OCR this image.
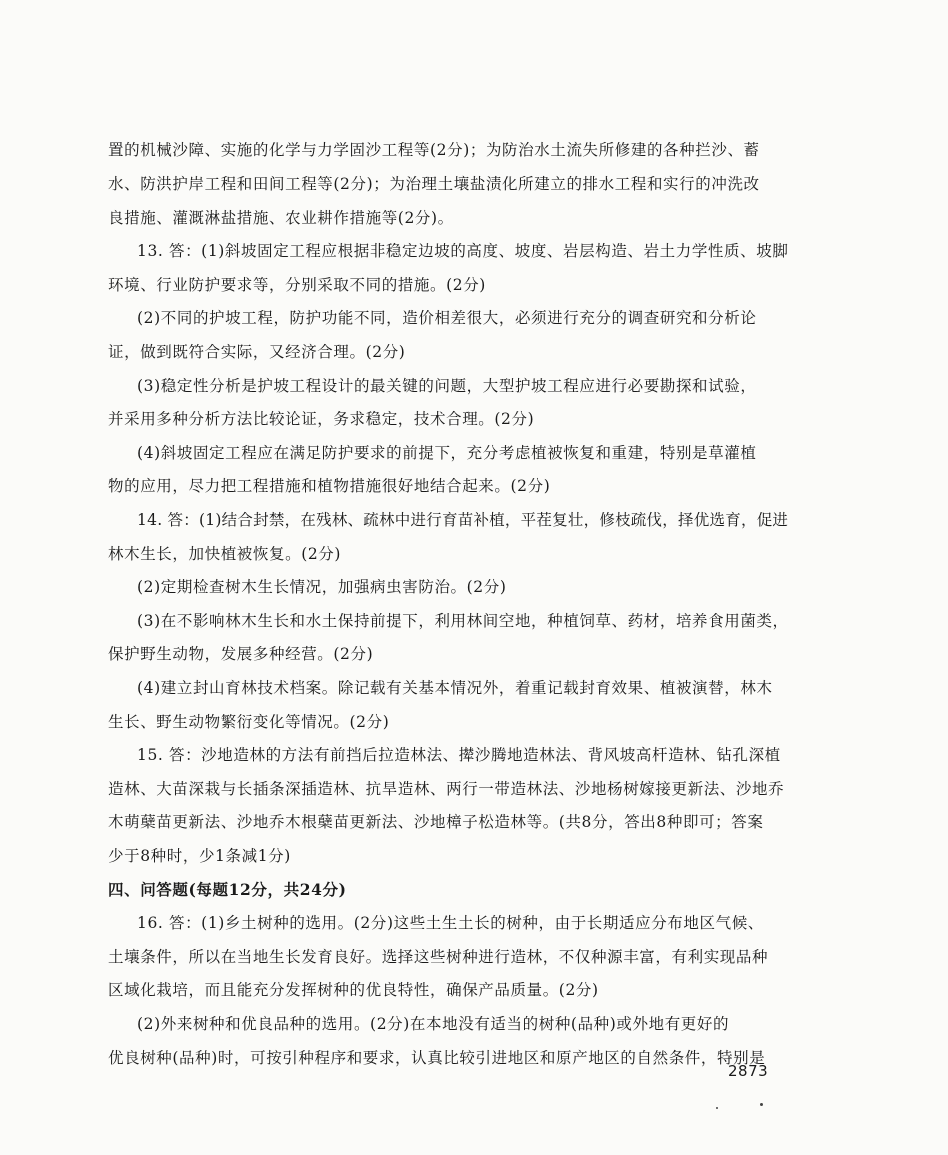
置的机械沙障、实施的化学与力学固沙工程等(2分)；为防治水土流失所修建的各种拦沙、蓄
水、防洪护岸工程和田间工程等(2分)；为治理土壤盐渍化所建立的排水工程和实行的冲洗改
良措施、灌溉淋盐措施、农业耕作措施等(2分)。
13. 答：(1)斜坡固定工程应根据非稳定边坡的高度、坡度、岩层构造、岩土力学性质、坡脚
环境、行业防护要求等，分别采取不同的措施。(2分)
(2)不同的护坡工程，防护功能不同，造价相差很大，必须进行充分的调查研究和分析论
证，做到既符合实际，又经济合理。(2分)
(3)稳定性分析是护坡工程设计的最关键的问题，大型护坡工程应进行必要勘探和试验，
并采用多种分析方法比较论证，务求稳定，技术合理。(2分)
(4)斜坡固定工程应在满足防护要求的前提下，充分考虑植被恢复和重建，特别是草灌植
物的应用，尽力把工程措施和植物措施很好地结合起来。(2分)
14. 答：(1)结合封禁，在残林、疏林中进行育苗补植，平茬复壮，修枝疏伐，择优选育，促进
林木生长，加快植被恢复。(2分)
(2)定期检查树木生长情况，加强病虫害防治。(2分)
(3)在不影响林木生长和水土保持前提下，利用林间空地，种植饲草、药材，培养食用菌类，
保护野生动物，发展多种经营。(2分)
(4)建立封山育林技术档案。除记载有关基本情况外，着重记载封育效果、植被演替，林木
生长、野生动物繁衍变化等情况。(2分)
15. 答：沙地造林的方法有前挡后拉造林法、撵沙腾地造林法、背风坡高杆造林、钻孔深植
造林、大苗深栽与长插条深插造林、抗旱造林、两行一带造林法、沙地杨树嫁接更新法、沙地乔
木萌蘖苗更新法、沙地乔木根蘖苗更新法、沙地樟子松造林等。(共8分，答出8种即可；答案
少于8种时，少1条减1分)
四、问答题(每题12分，共24分)
16. 答：(1)乡土树种的选用。(2分)这些土生土长的树种，由于长期适应分布地区气候、
土壤条件，所以在当地生长发育良好。选择这些树种进行造林，不仅种源丰富，有利实现品种
区域化栽培，而且能充分发挥树种的优良特性，确保产品质量。(2分)
(2)外来树种和优良品种的选用。(2分)在本地没有适当的树种(品种)或外地有更好的
优良树种(品种)时，可按引种程序和要求，认真比较引进地区和原产地区的自然条件，特别是
2873
